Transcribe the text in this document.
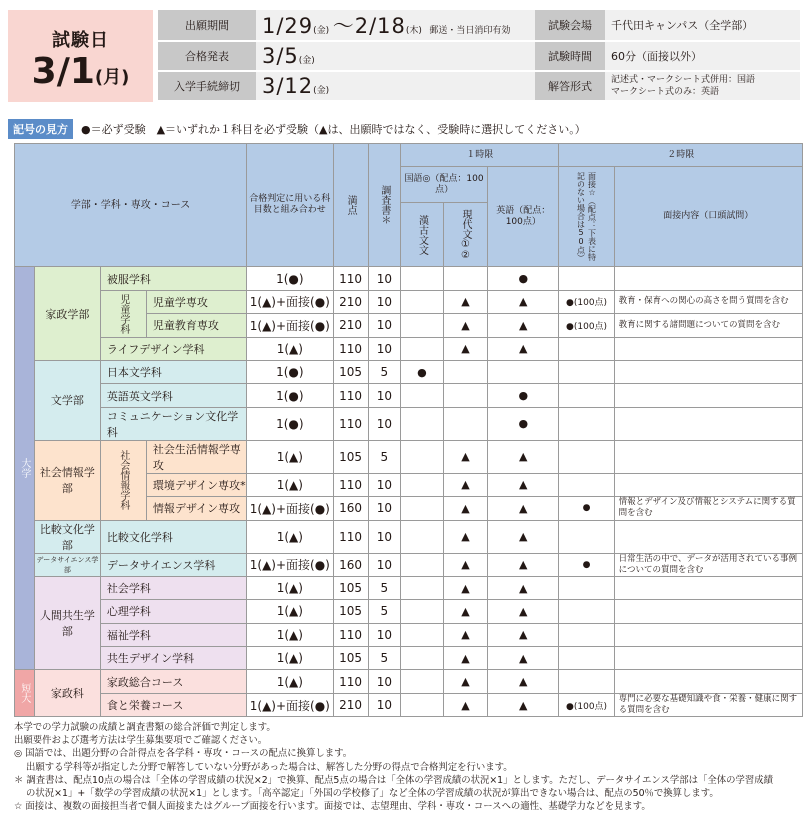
試験日
3/1(月)
出願期間	1/29(金) ～2/18(木) 郵送・当日消印有効	試験会場	千代田キャンパス（全学部）
合格発表	3/5(金)	試験時間	60分（面接以外）
入学手続締切	3/12(金)	解答形式	記述式・マークシート式併用：国語
マークシート式のみ：英語
記号の見方	●＝必ず受験　▲＝いずれか１科目を必ず受験（▲は、出願時ではなく、受験時に選択してください。）
学部・学科・専攻・コース				合格判定に用いる科目数と組み合わせ	満点	調査書＊	１時限			２時限	
							国語◎（配点：100点）		英語（配点：100点）	面接☆（配点：下表に特記のない場合は50点）	面接内容（口頭試問）

							漢古文文	現代文①②			

大学	家政学部	被服学科		1(●)	110	10			●		

		児童学科	児童学専攻	1(▲)+面接(●)	210	10		▲	▲	●(100点)	教育・保育への関心の高さを問う質問を含む
			児童教育専攻	1(▲)+面接(●)	210	10		▲	▲	●(100点)	教育に関する諸問題についての質問を含む
		ライフデザイン学科		1(▲)	110	10		▲	▲		
	文学部	日本文学科		1(●)	105	5	●				
		英語英文学科		1(●)	110	10			●		
		コミュニケーション文化学科		1(●)	110	10			●		
	社会情報学部	社会情報学科	社会生活情報学専攻	1(▲)	105	5		▲	▲		
			環境デザイン専攻*	1(▲)	110	10		▲	▲		
			情報デザイン専攻	1(▲)+面接(●)	160	10		▲	▲	●	情報とデザイン及び情報とシステムに関する質問を含む
	比較文化学部	比較文化学科		1(▲)	110	10		▲	▲		
	データサイエンス学部	データサイエンス学科		1(▲)+面接(●)	160	10		▲	▲	●	日常生活の中で、データが活用されている事例についての質問を含む
	人間共生学部	社会学科		1(▲)	105	5		▲	▲		
		心理学科		1(▲)	105	5		▲	▲		
		福祉学科		1(▲)	110	10		▲	▲		
		共生デザイン学科		1(▲)	105	5		▲	▲		

短大	家政科	家政総合コース		1(▲)	110	10		▲	▲		
		食と栄養コース		1(▲)+面接(●)	210	10		▲	▲	●(100点)	専門に必要な基礎知識や食・栄養・健康に関する質問を含む

本学での学力試験の成績と調査書類の総合評価で判定します。

出願要件および選考方法は学生募集要項でご確認ください。

◎ 国語では、出題分野の合計得点を各学科・専攻・コースの配点に換算します。

出願する学科等が指定した分野で解答していない分野があった場合は、解答した分野の得点で合格判定を行います。

＊ 調査書は、配点10点の場合は「全体の学習成績の状況×2」で換算、配点5点の場合は「全体の学習成績の状況×1」とします。ただし、データサイエンス学部は「全体の学習成績

の状況×1」+「数学の学習成績の状況×1」とします。「高卒認定」「外国の学校修了」など全体の学習成績の状況が算出できない場合は、配点の50％で換算します。

☆ 面接は、複数の面接担当者で個人面接またはグループ面接を行います。面接では、志望理由、学科・専攻・コースへの適性、基礎学力などを見ます。
